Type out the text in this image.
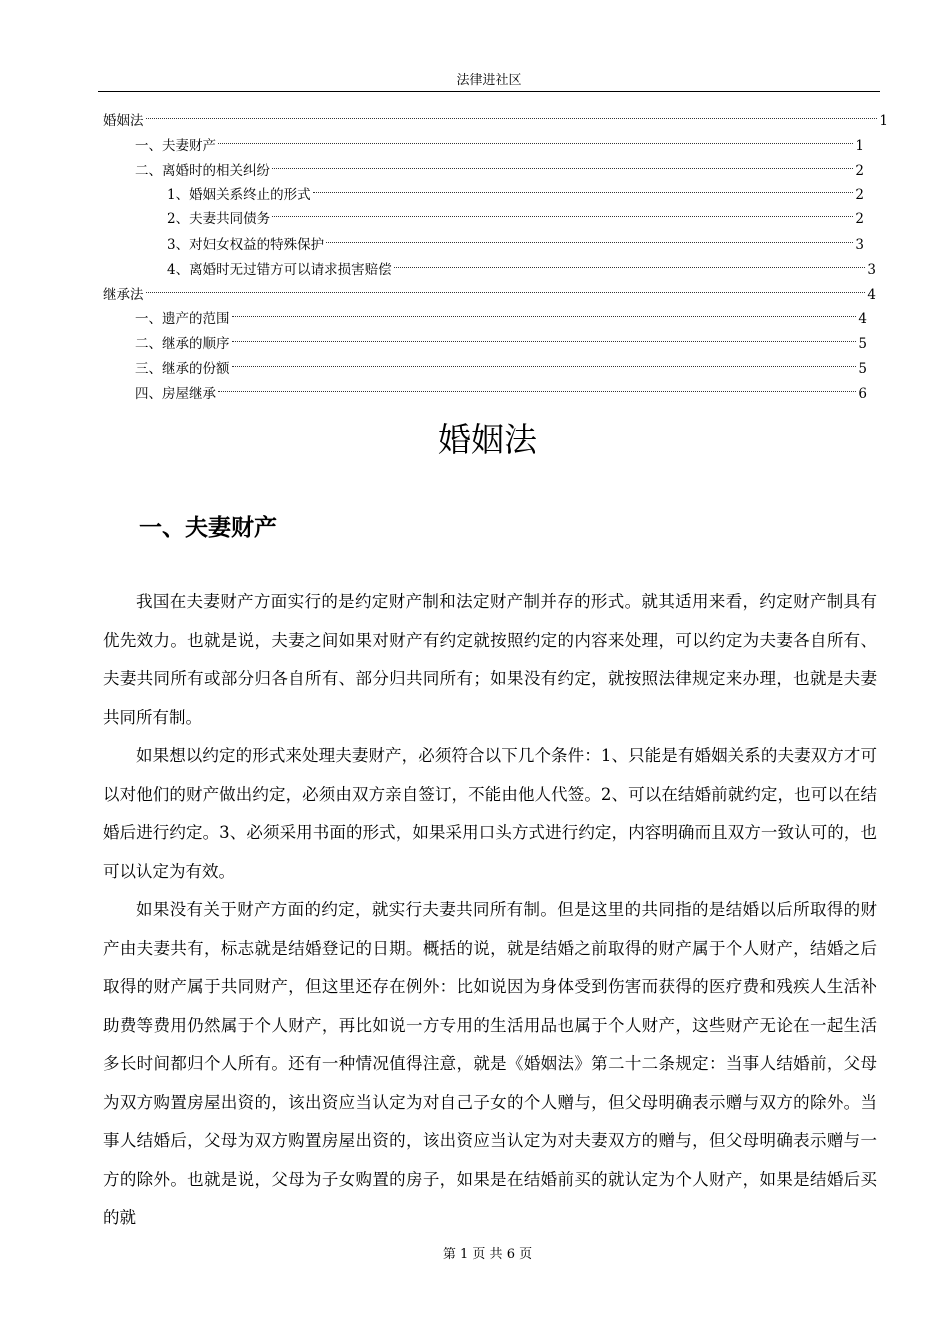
法律进社区
婚姻法	1
一、夫妻财产	1
二、离婚时的相关纠纷	2
1、婚姻关系终止的形式	2
2、夫妻共同债务	2
3、对妇女权益的特殊保护	3
4、离婚时无过错方可以请求损害赔偿	3
继承法	4
一、遗产的范围	4
二、继承的顺序	5
三、继承的份额	5
四、房屋继承	6
婚姻法
一、夫妻财产

我国在夫妻财产方面实行的是约定财产制和法定财产制并存的形式。就其适用来看，约定财产制具有优先效力。也就是说，夫妻之间如果对财产有约定就按照约定的内容来处理，可以约定为夫妻各自所有、夫妻共同所有或部分归各自所有、部分归共同所有；如果没有约定，就按照法律规定来办理，也就是夫妻共同所有制。

如果想以约定的形式来处理夫妻财产，必须符合以下几个条件：1、只能是有婚姻关系的夫妻双方才可以对他们的财产做出约定，必须由双方亲自签订，不能由他人代签。2、可以在结婚前就约定，也可以在结婚后进行约定。3、必须采用书面的形式，如果采用口头方式进行约定，内容明确而且双方一致认可的，也可以认定为有效。

如果没有关于财产方面的约定，就实行夫妻共同所有制。但是这里的共同指的是结婚以后所取得的财产由夫妻共有，标志就是结婚登记的日期。概括的说，就是结婚之前取得的财产属于个人财产，结婚之后取得的财产属于共同财产，但这里还存在例外：比如说因为身体受到伤害而获得的医疗费和残疾人生活补助费等费用仍然属于个人财产，再比如说一方专用的生活用品也属于个人财产，这些财产无论在一起生活多长时间都归个人所有。还有一种情况值得注意，就是《婚姻法》第二十二条规定：当事人结婚前，父母为双方购置房屋出资的，该出资应当认定为对自己子女的个人赠与，但父母明确表示赠与双方的除外。当事人结婚后，父母为双方购置房屋出资的，该出资应当认定为对夫妻双方的赠与，但父母明确表示赠与一方的除外。也就是说，父母为子女购置的房子，如果是在结婚前买的就认定为个人财产，如果是结婚后买的就

第 1 页 共 6 页
